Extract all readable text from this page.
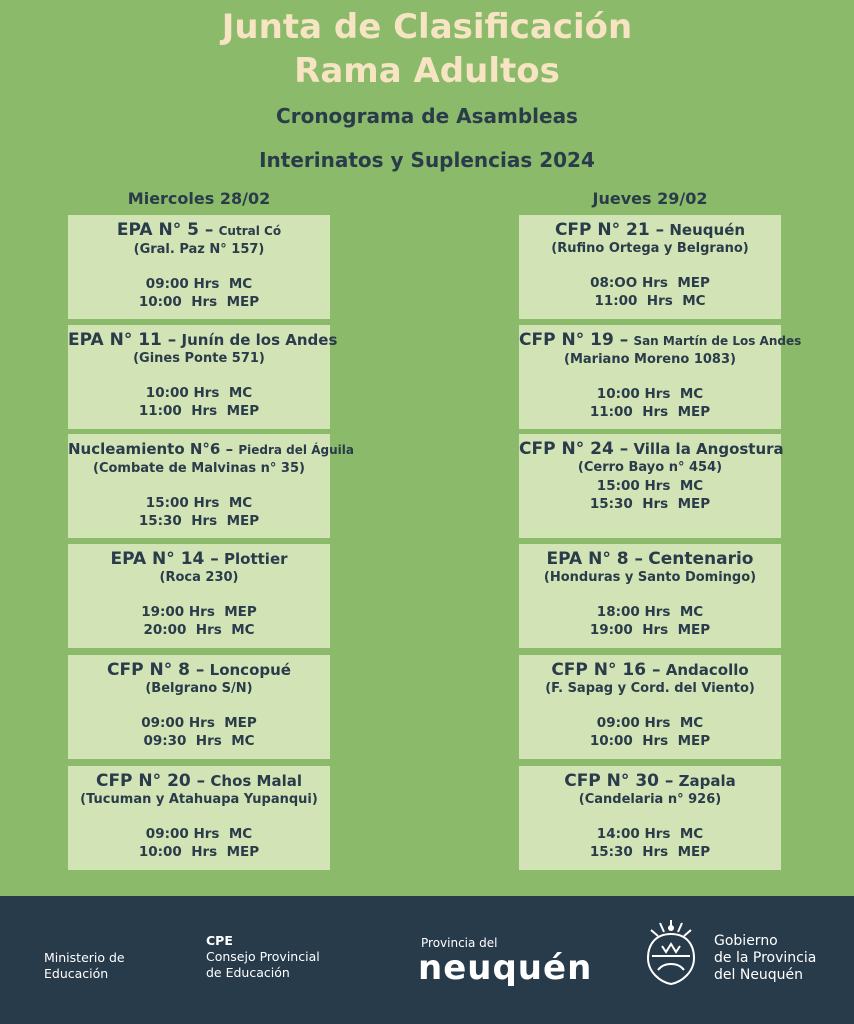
Junta de Clasificación
Rama Adultos
Cronograma de Asambleas
Interinatos y Suplencias 2024
Miercoles 28/02	Jueves 29/02
EPA N° 5 – Cutral Có
(Gral. Paz N° 157)
09:00 Hrs  MC
10:00  Hrs  MEP
EPA N° 11 – Junín de los Andes
(Gines Ponte 571)
10:00 Hrs  MC
11:00  Hrs  MEP
Nucleamiento N°6 – Piedra del Águila
(Combate de Malvinas n° 35)
15:00 Hrs  MC
15:30  Hrs  MEP
EPA N° 14 – Plottier
(Roca 230)
19:00 Hrs  MEP
20:00  Hrs  MC
CFP N° 8 – Loncopué
(Belgrano S/N)
09:00 Hrs  MEP
09:30  Hrs  MC
CFP N° 20 – Chos Malal
(Tucuman y Atahuapa Yupanqui)
09:00 Hrs  MC
10:00  Hrs  MEP
CFP N° 21 – Neuquén
(Rufino Ortega y Belgrano)
08:OO Hrs  MEP
11:00  Hrs  MC
CFP N° 19 – San Martín de Los Andes
(Mariano Moreno 1083)
10:00 Hrs  MC
11:00  Hrs  MEP
CFP N° 24 – Villa la Angostura
(Cerro Bayo n° 454)
15:00 Hrs  MC
15:30  Hrs  MEP
EPA N° 8 – Centenario
(Honduras y Santo Domingo)
18:00 Hrs  MC
19:00  Hrs  MEP
CFP N° 16 – Andacollo
(F. Sapag y Cord. del Viento)
09:00 Hrs  MC
10:00  Hrs  MEP
CFP N° 30 – Zapala
(Candelaria n° 926)
14:00 Hrs  MC
15:30  Hrs  MEP
Ministerio de
Educación
CPE
Consejo Provincial
de Educación
Provincia del
neuquén
Gobierno
de la Provincia
del Neuquén
